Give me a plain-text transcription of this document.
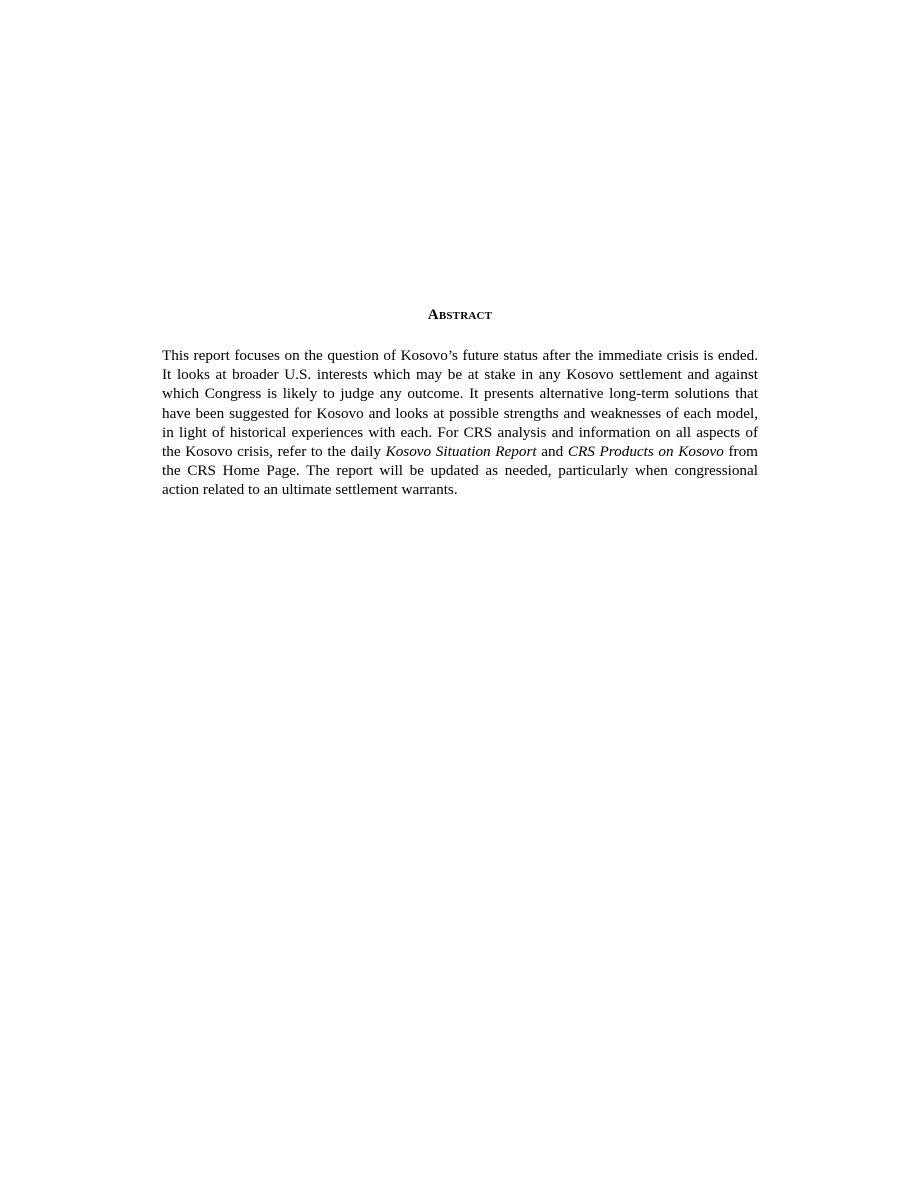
Abstract

This report focuses on the question of Kosovo’s future status after the immediate crisis is ended. It looks at broader U.S. interests which may be at stake in any Kosovo settlement and against which Congress is likely to judge any outcome. It presents alternative long-term solutions that have been suggested for Kosovo and looks at possible strengths and weaknesses of each model, in light of historical experiences with each. For CRS analysis and information on all aspects of the Kosovo crisis, refer to the daily Kosovo Situation Report and CRS Products on Kosovo from the CRS Home Page. The report will be updated as needed, particularly when congressional action related to an ultimate settlement warrants.
